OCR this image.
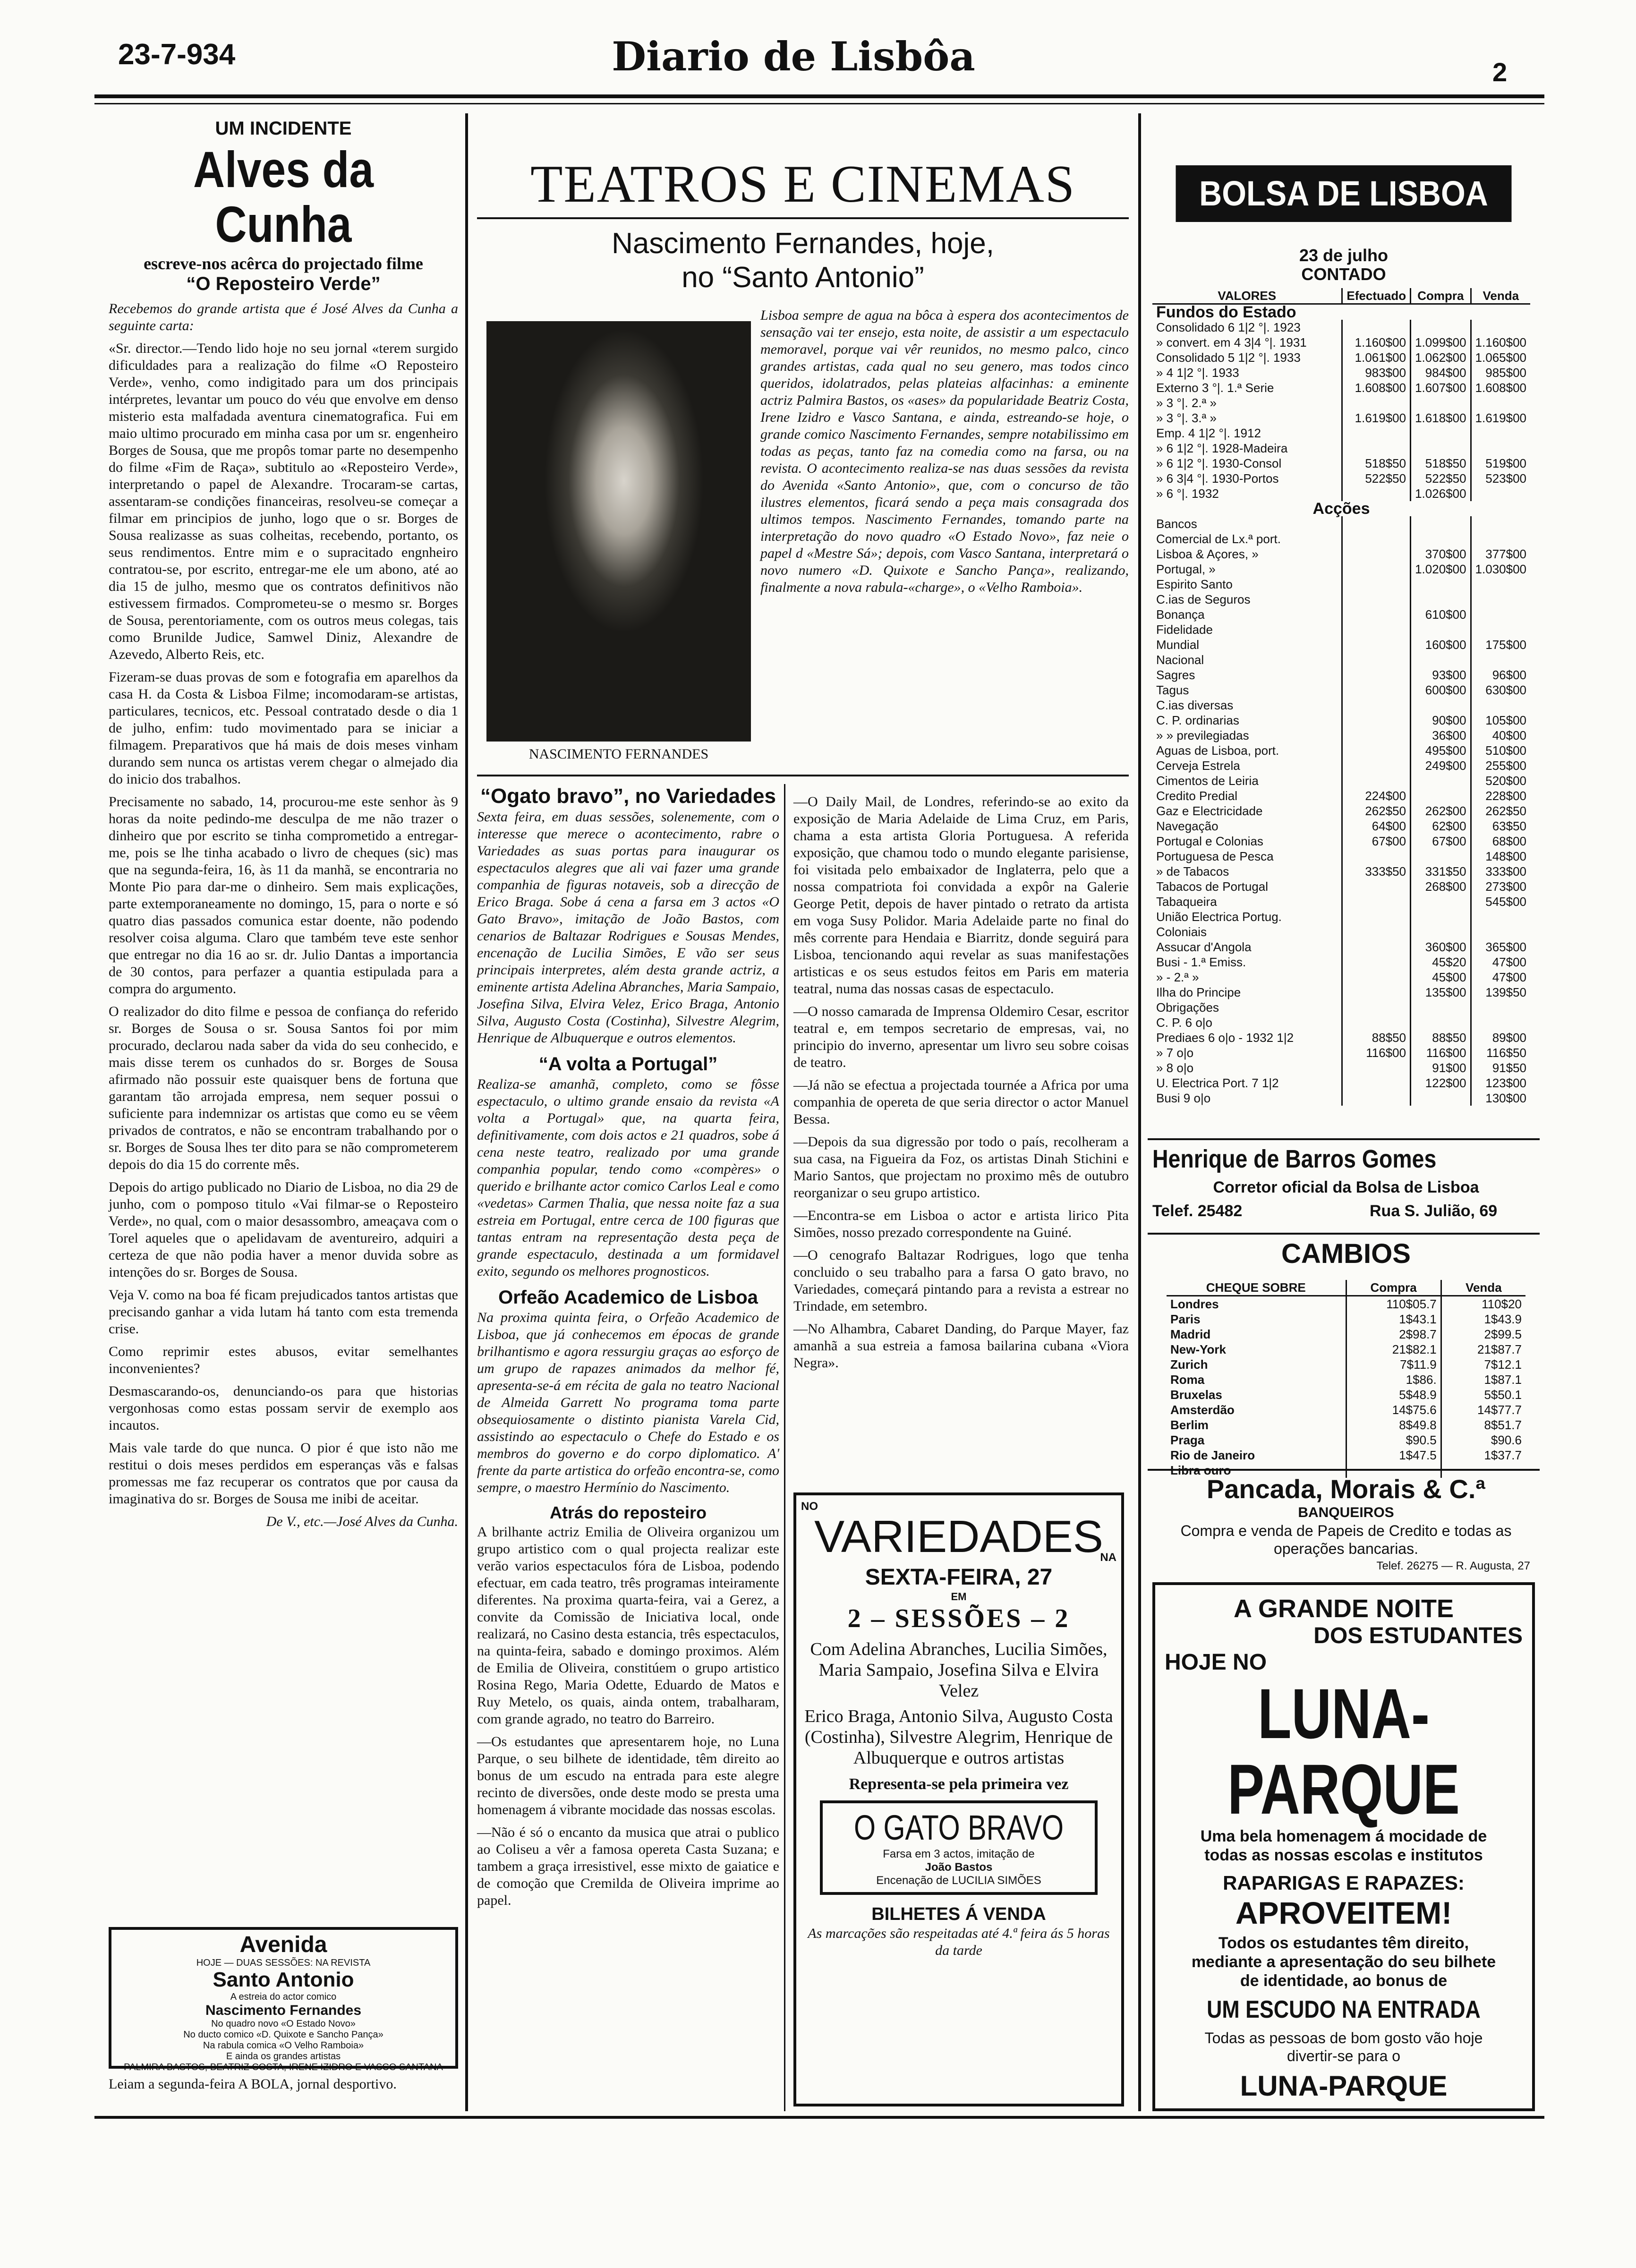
23-7-934	Diario de Lisbôa	2
UM INCIDENTE
Alves da Cunha
escreve-nos acêrca do projectado filme
“O Reposteiro Verde”

Recebemos do grande artista que é José Alves da Cunha a seguinte carta:

«Sr. director.—Tendo lido hoje no seu jornal «terem surgido dificuldades para a realização do filme «O Reposteiro Verde», venho, como indigitado para um dos principais intérpretes, levantar um pouco do véu que envolve em denso misterio esta malfadada aventura cinematografica. Fui em maio ultimo procurado em minha casa por um sr. engenheiro Borges de Sousa, que me propôs tomar parte no desempenho do filme «Fim de Raça», subtitulo ao «Reposteiro Verde», interpretando o papel de Alexandre. Trocaram-se cartas, assentaram-se condições financeiras, resolveu-se começar a filmar em principios de junho, logo que o sr. Borges de Sousa realizasse as suas colheitas, recebendo, portanto, os seus rendimentos. Entre mim e o supracitado engnheiro contratou-se, por escrito, entregar-me ele um abono, até ao dia 15 de julho, mesmo que os contratos definitivos não estivessem firmados. Comprometeu-se o mesmo sr. Borges de Sousa, perentoriamente, com os outros meus colegas, tais como Brunilde Judice, Samwel Diniz, Alexandre de Azevedo, Alberto Reis, etc.

Fizeram-se duas provas de som e fotografia em aparelhos da casa H. da Costa & Lisboa Filme; incomodaram-se artistas, particulares, tecnicos, etc. Pessoal contratado desde o dia 1 de julho, enfim: tudo movimentado para se iniciar a filmagem. Preparativos que há mais de dois meses vinham durando sem nunca os artistas verem chegar o almejado dia do inicio dos trabalhos.

Precisamente no sabado, 14, procurou-me este senhor às 9 horas da noite pedindo-me desculpa de me não trazer o dinheiro que por escrito se tinha comprometido a entregar-me, pois se lhe tinha acabado o livro de cheques (sic) mas que na segunda-feira, 16, às 11 da manhã, se encontraria no Monte Pio para dar-me o dinheiro. Sem mais explicações, parte extemporaneamente no domingo, 15, para o norte e só quatro dias passados comunica estar doente, não podendo resolver coisa alguma. Claro que também teve este senhor que entregar no dia 16 ao sr. dr. Julio Dantas a importancia de 30 contos, para perfazer a quantia estipulada para a compra do argumento.

O realizador do dito filme e pessoa de confiança do referido sr. Borges de Sousa o sr. Sousa Santos foi por mim procurado, declarou nada saber da vida do seu conhecido, e mais disse terem os cunhados do sr. Borges de Sousa afirmado não possuir este quaisquer bens de fortuna que garantam tão arrojada empresa, nem sequer possui o suficiente para indemnizar os artistas que como eu se vêem privados de contratos, e não se encontram trabalhando por o sr. Borges de Sousa lhes ter dito para se não comprometerem depois do dia 15 do corrente mês.

Depois do artigo publicado no Diario de Lisboa, no dia 29 de junho, com o pomposo titulo «Vai filmar-se o Reposteiro Verde», no qual, com o maior desassombro, ameaçava com o Torel aqueles que o apelidavam de aventureiro, adquiri a certeza de que não podia haver a menor duvida sobre as intenções do sr. Borges de Sousa.

Veja V. como na boa fé ficam prejudicados tantos artistas que precisando ganhar a vida lutam há tanto com esta tremenda crise.

Como reprimir estes abusos, evitar semelhantes inconvenientes?

Desmascarando-os, denunciando-os para que historias vergonhosas como estas possam servir de exemplo aos incautos.

Mais vale tarde do que nunca. O pior é que isto não me restitui o dois meses perdidos em esperanças vãs e falsas promessas me faz recuperar os contratos que por causa da imaginativa do sr. Borges de Sousa me inibi de aceitar.

De V., etc.—José Alves da Cunha.

Avenida
HOJE — DUAS SESSÕES: NA REVISTA
Santo Antonio
A estreia do actor comico
Nascimento Fernandes
No quadro novo «O Estado Novo»
No ducto comico «D. Quixote e Sancho Pança»
Na rabula comica «O Velho Ramboia»
E ainda os grandes artistas
PALMIRA BASTOS, BEATRIZ COSTA, IRENE IZIDRO E VASCO SANTANA
Leiam a segunda-feira A BOLA, jornal desportivo.
TEATROS E CINEMAS
Nascimento Fernandes, hoje,
no “Santo Antonio”
NASCIMENTO FERNANDES
Lisboa sempre de agua na bôca à espera dos acontecimentos de sensação vai ter ensejo, esta noite, de assistir a um espectaculo memoravel, porque vai vêr reunidos, no mesmo palco, cinco grandes artistas, cada qual no seu genero, mas todos cinco queridos, idolatrados, pelas plateias alfacinhas: a eminente actriz Palmira Bastos, os «ases» da popularidade Beatriz Costa, Irene Izidro e Vasco Santana, e ainda, estreando-se hoje, o grande comico Nascimento Fernandes, sempre notabilissimo em todas as peças, tanto faz na comedia como na farsa, ou na revista. O acontecimento realiza-se nas duas sessões da revista do Avenida «Santo Antonio», que, com o concurso de tão ilustres elementos, ficará sendo a peça mais consagrada dos ultimos tempos. Nascimento Fernandes, tomando parte na interpretação do novo quadro «O Estado Novo», faz neie o papel d «Mestre Sá»; depois, com Vasco Santana, interpretará o novo numero «D. Quixote e Sancho Pança», realizando, finalmente a nova rabula-«charge», o «Velho Ramboia».
“Ogato bravo”, no Variedades

Sexta feira, em duas sessões, solenemente, com o interesse que merece o acontecimento, rabre o Variedades as suas portas para inaugurar os espectaculos alegres que ali vai fazer uma grande companhia de figuras notaveis, sob a direcção de Erico Braga. Sobe á cena a farsa em 3 actos «O Gato Bravo», imitação de João Bastos, com cenarios de Baltazar Rodrigues e Sousas Mendes, encenação de Lucilia Simões, E vão ser seus principais interpretes, além desta grande actriz, a eminente artista Adelina Abranches, Maria Sampaio, Josefina Silva, Elvira Velez, Erico Braga, Antonio Silva, Augusto Costa (Costinha), Silvestre Alegrim, Henrique de Albuquerque e outros elementos.

“A volta a Portugal”

Realiza-se amanhã, completo, como se fôsse espectaculo, o ultimo grande ensaio da revista «A volta a Portugal» que, na quarta feira, definitivamente, com dois actos e 21 quadros, sobe á cena neste teatro, realizado por uma grande companhia popular, tendo como «compères» o querido e brilhante actor comico Carlos Leal e como «vedetas» Carmen Thalia, que nessa noite faz a sua estreia em Portugal, entre cerca de 100 figuras que tantas entram na representação desta peça de grande espectaculo, destinada a um formidavel exito, segundo os melhores prognosticos.

Orfeão Academico de Lisboa

Na proxima quinta feira, o Orfeão Academico de Lisboa, que já conhecemos em épocas de grande brilhantismo e agora ressurgiu graças ao esforço de um grupo de rapazes animados da melhor fé, apresenta-se-á em récita de gala no teatro Nacional de Almeida Garrett No programa toma parte obsequiosamente o distinto pianista Varela Cid, assistindo ao espectaculo o Chefe do Estado e os membros do governo e do corpo diplomatico. A' frente da parte artistica do orfeão encontra-se, como sempre, o maestro Hermínio do Nascimento.

Atrás do reposteiro

A brilhante actriz Emilia de Oliveira organizou um grupo artistico com o qual projecta realizar este verão varios espectaculos fóra de Lisboa, podendo efectuar, em cada teatro, três programas inteiramente diferentes. Na proxima quarta-feira, vai a Gerez, a convite da Comissão de Iniciativa local, onde realizará, no Casino desta estancia, três espectaculos, na quinta-feira, sabado e domingo proximos. Além de Emilia de Oliveira, constitúem o grupo artistico Rosina Rego, Maria Odette, Eduardo de Matos e Ruy Metelo, os quais, ainda ontem, trabalharam, com grande agrado, no teatro do Barreiro.

—Os estudantes que apresentarem hoje, no Luna Parque, o seu bilhete de identidade, têm direito ao bonus de um escudo na entrada para este alegre recinto de diversões, onde deste modo se presta uma homenagem á vibrante mocidade das nossas escolas.

—Não é só o encanto da musica que atrai o publico ao Coliseu a vêr a famosa opereta Casta Suzana; e tambem a graça irresistivel, esse mixto de gaiatice e de comoção que Cremilda de Oliveira imprime ao papel.

—O Daily Mail, de Londres, referindo-se ao exito da exposição de Maria Adelaide de Lima Cruz, em Paris, chama a esta artista Gloria Portuguesa. A referida exposição, que chamou todo o mundo elegante parisiense, foi visitada pelo embaixador de Inglaterra, pelo que a nossa compatriota foi convidada a expôr na Galerie George Petit, depois de haver pintado o retrato da artista em voga Susy Polidor. Maria Adelaide parte no final do mês corrente para Hendaia e Biarritz, donde seguirá para Lisboa, tencionando aqui revelar as suas manifestações artisticas e os seus estudos feitos em Paris em materia teatral, numa das nossas casas de espectaculo.

—O nosso camarada de Imprensa Oldemiro Cesar, escritor teatral e, em tempos secretario de empresas, vai, no principio do inverno, apresentar um livro seu sobre coisas de teatro.

—Já não se efectua a projectada tournée a Africa por uma companhia de opereta de que seria director o actor Manuel Bessa.

—Depois da sua digressão por todo o país, recolheram a sua casa, na Figueira da Foz, os artistas Dinah Stichini e Mario Santos, que projectam no proximo mês de outubro reorganizar o seu grupo artistico.

—Encontra-se em Lisboa o actor e artista lirico Pita Simões, nosso prezado correspondente na Guiné.

—O cenografo Baltazar Rodrigues, logo que tenha concluido o seu trabalho para a farsa O gato bravo, no Variedades, começará pintando para a revista a estrear no Trindade, em setembro.

—No Alhambra, Cabaret Danding, do Parque Mayer, faz amanhã a sua estreia a famosa bailarina cubana «Viora Negra».

NO
VARIEDADES
NA
SEXTA-FEIRA, 27
EM
2 – SESSÕES – 2
Com Adelina Abranches, Lucilia Simões, Maria Sampaio, Josefina Silva e Elvira Velez
Erico Braga, Antonio Silva, Augusto Costa (Costinha), Silvestre Alegrim, Henrique de Albuquerque e outros artistas
Representa-se pela primeira vez
O GATO BRAVO
Farsa em 3 actos, imitação de
João Bastos
Encenação de LUCILIA SIMÕES
BILHETES Á VENDA
As marcações são respeitadas até 4.ª feira ás 5 horas da tarde
BOLSA DE LISBOA
23 de julho
CONTADO
VALORES	Efectuado	Compra	Venda
Fundos do Estado			
Consolidado 6 1|2 °|. 1923			
» convert. em 4 3|4 °|. 1931	1.160$00	1.099$00	1.160$00
Consolidado 5 1|2 °|. 1933	1.061$00	1.062$00	1.065$00
» 4 1|2 °|. 1933	983$00	984$00	985$00
Externo 3 °|. 1.ª Serie	1.608$00	1.607$00	1.608$00
» 3 °|. 2.ª »			
» 3 °|. 3.ª »	1.619$00	1.618$00	1.619$00
Emp. 4 1|2 °|. 1912			
» 6 1|2 °|. 1928-Madeira			
» 6 1|2 °|. 1930-Consol	518$50	518$50	519$00
» 6 3|4 °|. 1930-Portos	522$50	522$50	523$00
» 6 °|. 1932		1.026$00	
Acções			
Bancos			
Comercial de Lx.ª port.			
Lisboa & Açores, »		370$00	377$00
Portugal, »		1.020$00	1.030$00
Espirito Santo			
C.ias de Seguros			
Bonança		610$00	
Fidelidade			
Mundial		160$00	175$00
Nacional			
Sagres		93$00	96$00
Tagus		600$00	630$00
C.ias diversas			
C. P. ordinarias		90$00	105$00
» » previlegiadas		36$00	40$00
Aguas de Lisboa, port.		495$00	510$00
Cerveja Estrela		249$00	255$00
Cimentos de Leiria			520$00
Credito Predial	224$00		228$00
Gaz e Electricidade	262$50	262$00	262$50
Navegação	64$00	62$00	63$50
Portugal e Colonias	67$00	67$00	68$00
Portuguesa de Pesca			148$00
» de Tabacos	333$50	331$50	333$00
Tabacos de Portugal		268$00	273$00
Tabaqueira			545$00
União Electrica Portug.			
Coloniais			
Assucar d'Angola		360$00	365$00
Busi - 1.ª Emiss.		45$20	47$00
» - 2.ª »		45$00	47$00
Ilha do Principe		135$00	139$50
Obrigações			
C. P. 6 o|o			
Prediaes 6 o|o - 1932 1|2	88$50	88$50	89$00
» 7 o|o	116$00	116$00	116$50
» 8 o|o		91$00	91$50
U. Electrica Port. 7 1|2		122$00	123$00
Busi 9 o|o			130$00
Henrique de Barros Gomes
Corretor oficial da Bolsa de Lisboa
Telef. 25482	Rua S. Julião, 69
CAMBIOS
CHEQUE SOBRE	Compra	Venda
Londres	110$05.7	110$20
Paris	1$43.1	1$43.9
Madrid	2$98.7	2$99.5
New-York	21$82.1	21$87.7
Zurich	7$11.9	7$12.1
Roma	1$86.	1$87.1
Bruxelas	5$48.9	5$50.1
Amsterdão	14$75.6	14$77.7
Berlim	8$49.8	8$51.7
Praga	$90.5	$90.6
Rio de Janeiro	1$47.5	1$37.7

Pancada, Morais & C.ª
BANQUEIROS
Compra e venda de Papeis de Credito e todas as operações bancarias.
Telef. 26275 — R. Augusta, 27
A GRANDE NOITE
DOS ESTUDANTES
HOJE NO
LUNA-PARQUE
Uma bela homenagem á mocidade de todas as nossas escolas e institutos
RAPARIGAS E RAPAZES:
APROVEITEM!
Todos os estudantes têm direito, mediante a apresentação do seu bilhete de identidade, ao bonus de
UM ESCUDO NA ENTRADA
Todas as pessoas de bom gosto vão hoje divertir-se para o
LUNA-PARQUE
